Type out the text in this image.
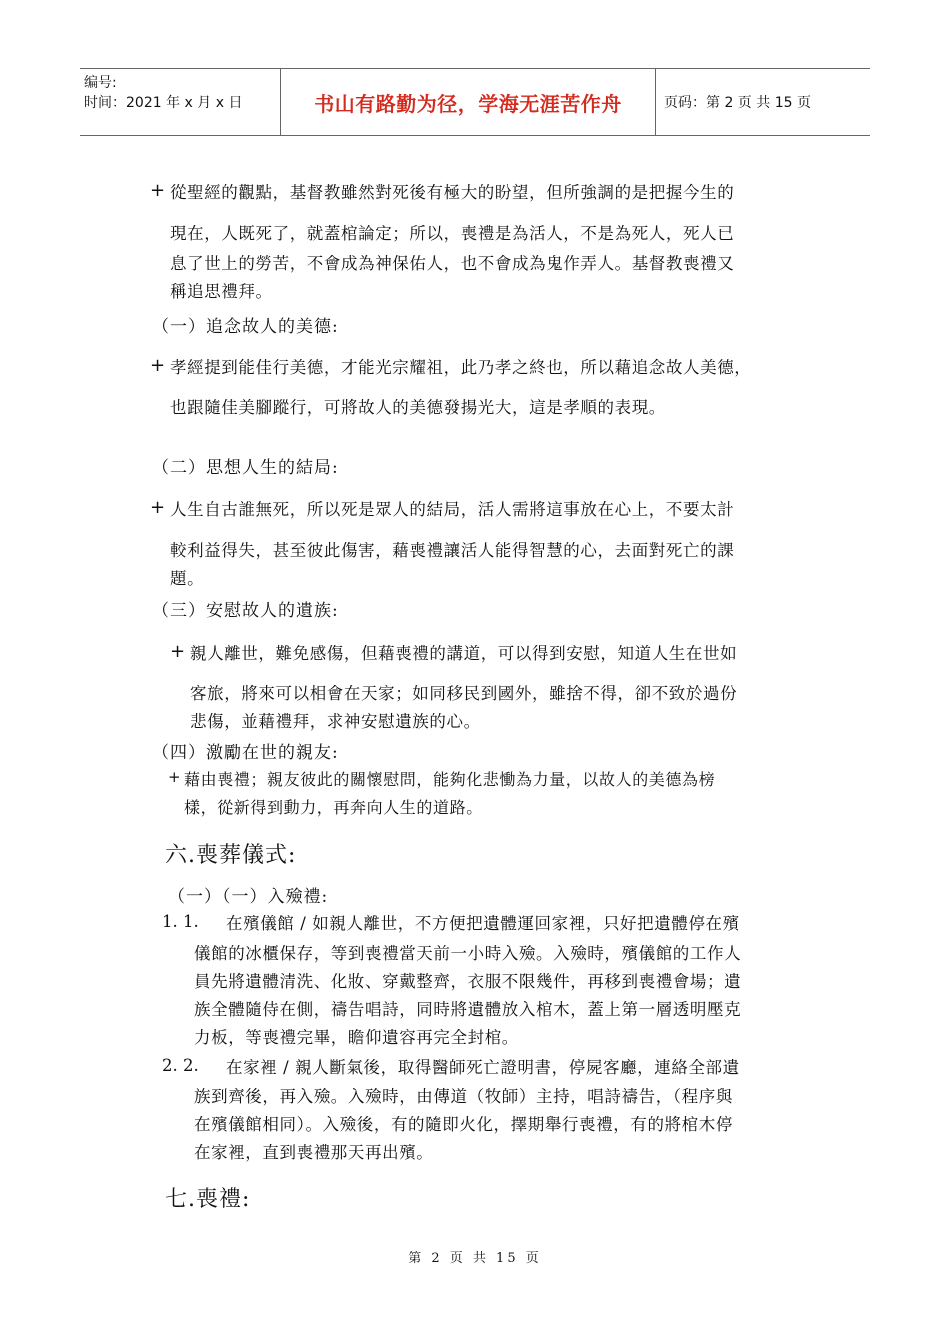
编号:
时间：2021 年 x 月 x 日	书山有路勤为径，学海无涯苦作舟	页码：第 2 页 共 15 页
+ 從聖經的觀點，基督教雖然對死後有極大的盼望，但所強調的是把握今生的
現在，人既死了，就蓋棺論定；所以，喪禮是為活人，不是為死人，死人已
息了世上的勞苦，不會成為神保佑人，也不會成為鬼作弄人。基督教喪禮又
稱追思禮拜。
（一）追念故人的美德:
+ 孝經提到能佳行美德，才能光宗耀祖，此乃孝之終也，所以藉追念故人美德，
也跟隨佳美腳蹤行，可將故人的美德發揚光大，這是孝順的表現。
（二）思想人生的結局:
+ 人生自古誰無死，所以死是眾人的結局，活人需將這事放在心上，不要太計
較利益得失，甚至彼此傷害，藉喪禮讓活人能得智慧的心，去面對死亡的課
題。
（三）安慰故人的遺族:
+ 親人離世，難免感傷，但藉喪禮的講道，可以得到安慰，知道人生在世如
客旅，將來可以相會在天家；如同移民到國外，雖捨不得，卻不致於過份
悲傷，並藉禮拜，求神安慰遺族的心。
（四）激勵在世的親友:
+ 藉由喪禮；親友彼此的關懷慰問，能夠化悲慟為力量，以故人的美德為榜
樣，從新得到動力，再奔向人生的道路。
六.喪葬儀式:
（一）（一）入殮禮:
1. 1. 在殯儀館 / 如親人離世，不方便把遺體運回家裡，只好把遺體停在殯
儀館的冰櫃保存，等到喪禮當天前一小時入殮。入殮時，殯儀館的工作人
員先將遺體清洗、化妝、穿戴整齊，衣服不限幾件，再移到喪禮會場；遺
族全體隨侍在側，禱告唱詩，同時將遺體放入棺木，蓋上第一層透明壓克
力板，等喪禮完畢，瞻仰遺容再完全封棺。
2. 2. 在家裡 / 親人斷氣後，取得醫師死亡證明書，停屍客廳，連絡全部遺
族到齊後，再入殮。入殮時，由傳道（牧師）主持，唱詩禱告，（程序與
在殯儀館相同）。入殮後，有的隨即火化，擇期舉行喪禮，有的將棺木停
在家裡，直到喪禮那天再出殯。
七.喪禮:
第 2 页 共 15 页
